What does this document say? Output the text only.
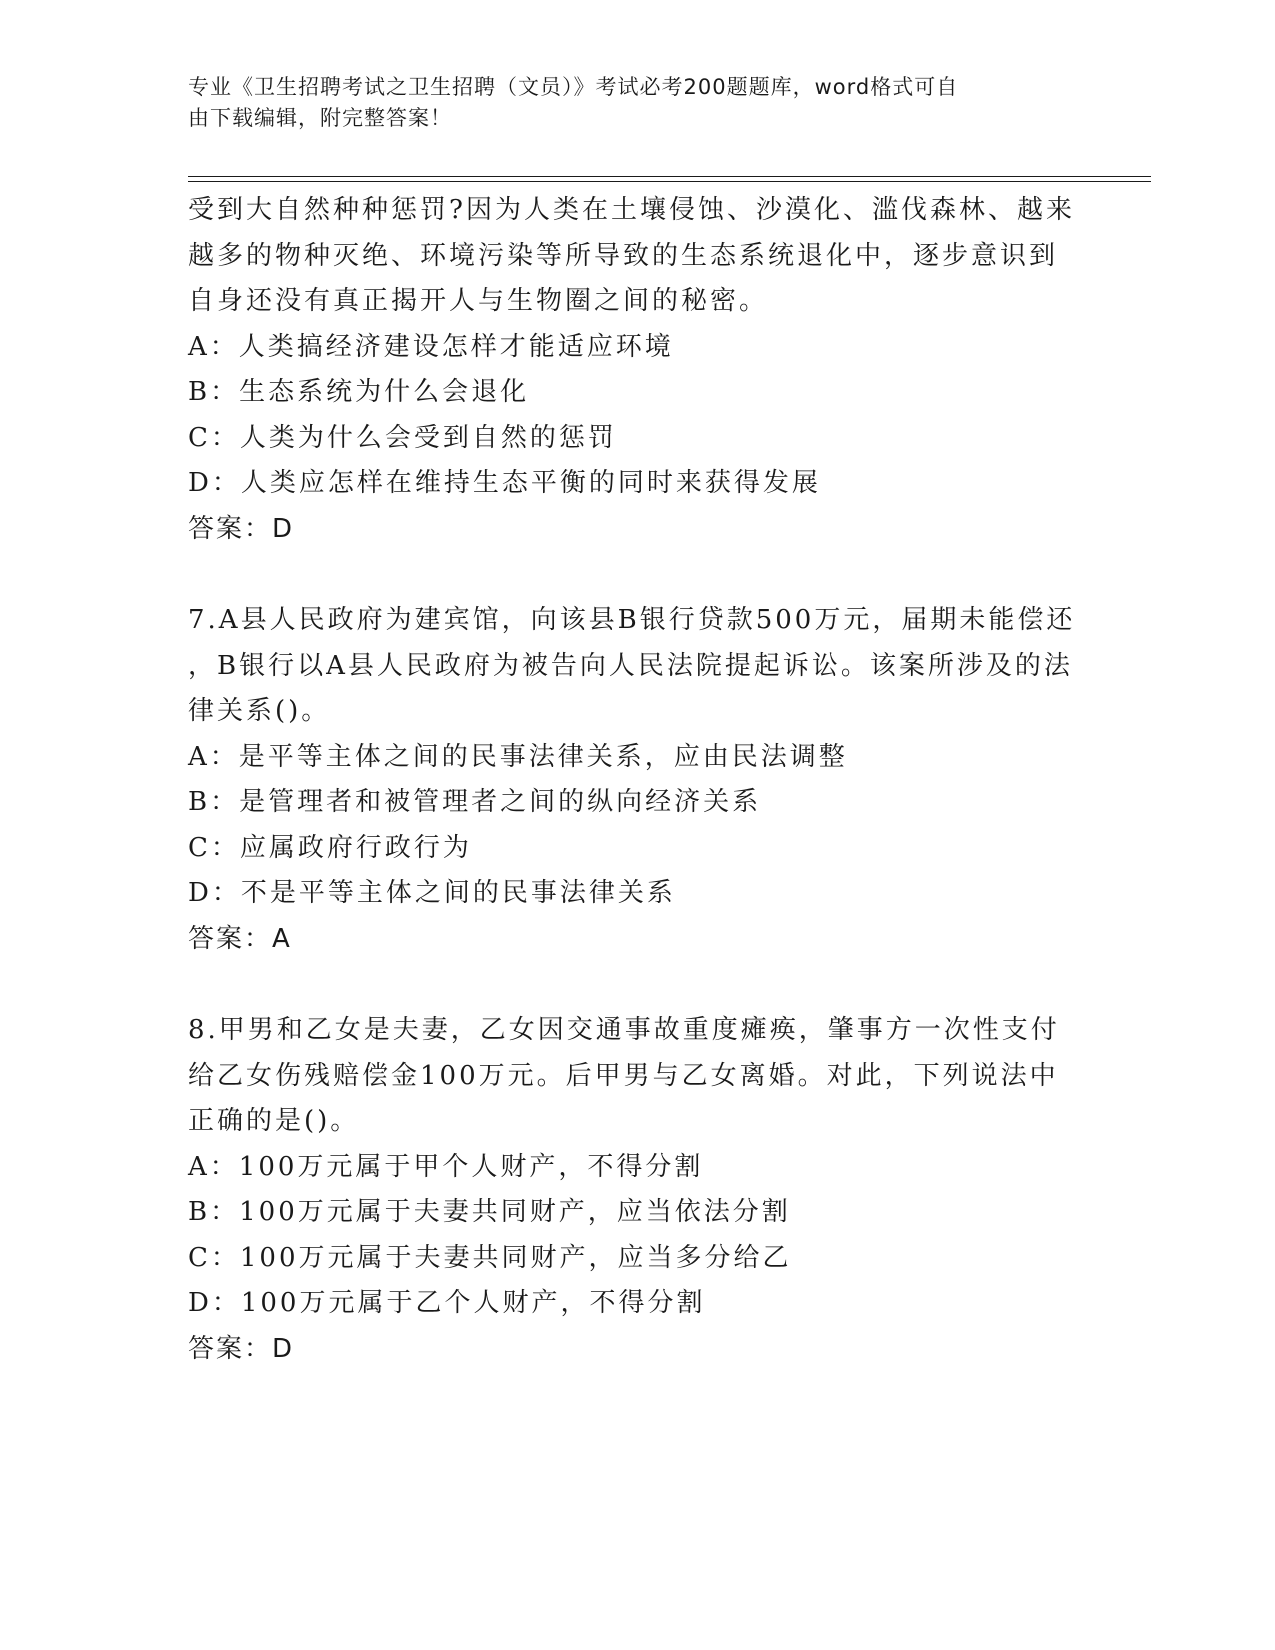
专业《卫生招聘考试之卫生招聘（文员）》考试必考200题题库，word格式可自
由下载编辑，附完整答案！
受到大自然种种惩罚?因为人类在土壤侵蚀、沙漠化、滥伐森林、越来
越多的物种灭绝、环境污染等所导致的生态系统退化中，逐步意识到
自身还没有真正揭开人与生物圈之间的秘密。
A：人类搞经济建设怎样才能适应环境
B：生态系统为什么会退化
C：人类为什么会受到自然的惩罚
D：人类应怎样在维持生态平衡的同时来获得发展
答案：D
7.A县人民政府为建宾馆，向该县B银行贷款500万元，届期未能偿还
，B银行以A县人民政府为被告向人民法院提起诉讼。该案所涉及的法
律关系()。
A：是平等主体之间的民事法律关系，应由民法调整
B：是管理者和被管理者之间的纵向经济关系
C：应属政府行政行为
D：不是平等主体之间的民事法律关系
答案：A
8.甲男和乙女是夫妻，乙女因交通事故重度瘫痪，肇事方一次性支付
给乙女伤残赔偿金100万元。后甲男与乙女离婚。对此，下列说法中
正确的是()。
A：100万元属于甲个人财产，不得分割
B：100万元属于夫妻共同财产，应当依法分割
C：100万元属于夫妻共同财产，应当多分给乙
D：100万元属于乙个人财产，不得分割
答案：D
